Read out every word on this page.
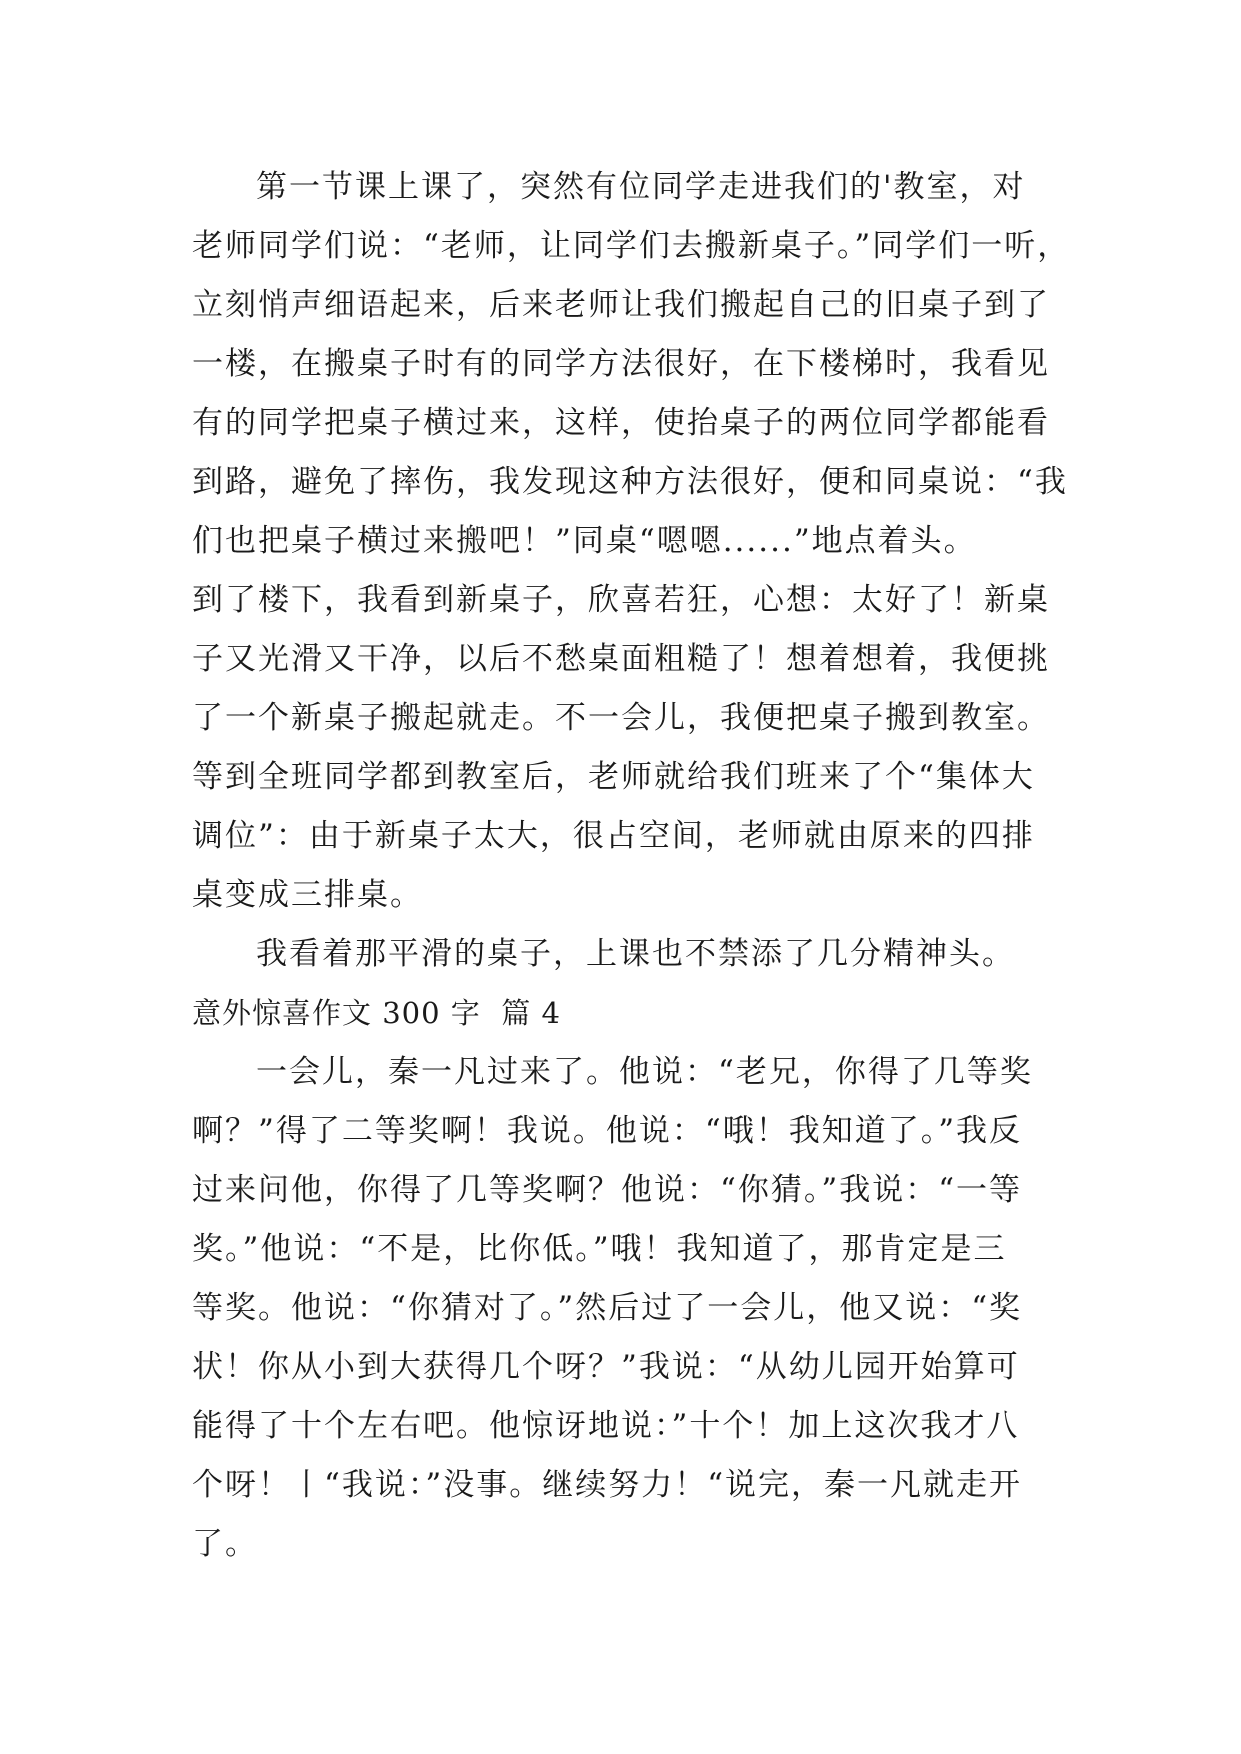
第一节课上课了，突然有位同学走进我们的'教室，对
老师同学们说：“老师，让同学们去搬新桌子。”同学们一听，
立刻悄声细语起来，后来老师让我们搬起自己的旧桌子到了
一楼，在搬桌子时有的同学方法很好，在下楼梯时，我看见
有的同学把桌子横过来，这样，使抬桌子的两位同学都能看
到路，避免了摔伤，我发现这种方法很好，便和同桌说：“我
们也把桌子横过来搬吧！”同桌“嗯嗯......”地点着头。
到了楼下，我看到新桌子，欣喜若狂，心想：太好了！新桌
子又光滑又干净，以后不愁桌面粗糙了！想着想着，我便挑
了一个新桌子搬起就走。不一会儿，我便把桌子搬到教室。
等到全班同学都到教室后，老师就给我们班来了个“集体大
调位”：由于新桌子太大，很占空间，老师就由原来的四排
桌变成三排桌。
我看着那平滑的桌子，上课也不禁添了几分精神头。
意外惊喜作文 300 字  篇 4
一会儿，秦一凡过来了。他说：“老兄，你得了几等奖
啊？”得了二等奖啊！我说。他说：“哦！我知道了。”我反
过来问他，你得了几等奖啊？他说：“你猜。”我说：“一等
奖。”他说：“不是，比你低。”哦！我知道了，那肯定是三
等奖。他说：“你猜对了。”然后过了一会儿，他又说：“奖
状！你从小到大获得几个呀？”我说：“从幼儿园开始算可
能得了十个左右吧。他惊讶地说：”十个！加上这次我才八
个呀！丨“我说：”没事。继续努力！“说完，秦一凡就走开
了。
